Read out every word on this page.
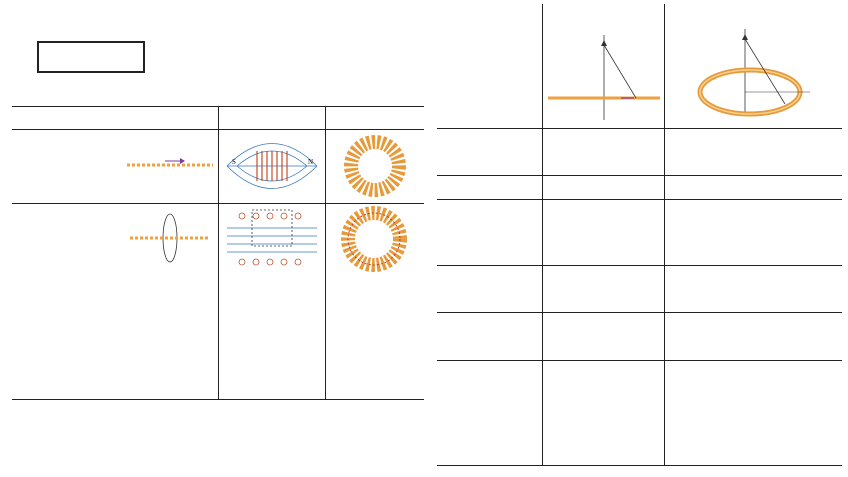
S	N
